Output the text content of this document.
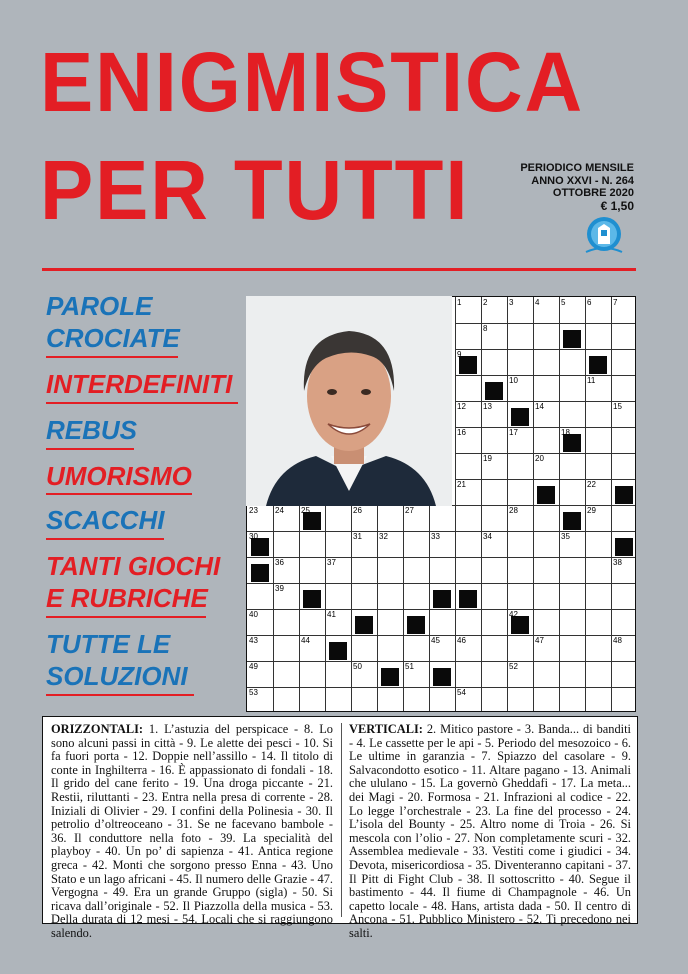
ENIGMISTICA
PER TUTTI	PERIODICO MENSILE
ANNO XXVI - N. 264
OTTOBRE 2020
€ 1,50
PAROLE
CROCIATE
INTERDEFINITI
REBUS
UMORISMO
SCACCHI
TANTI GIOCHI
E RUBRICHE
TUTTE LE
SOLUZIONI
1	2	3	4	5	6	7
8
9
10	11
12 13	14	15
16	17	18
19	20
21	22
23 24 25	26	27	28	29
30	31 32	33	34	35
36	37	38
39
40	41	42
43	44	45 46	47	48
49	50	51	52
53	54
ORIZZONTALI: 1. L’astuzia del perspicace - 8. Lo sono alcuni passi in città - 9. Le alette dei pesci - 10. Si fa fuori porta - 12. Doppie nell’assillo - 14. Il titolo di conte in Inghilterra - 16. È appassionato di fondali - 18. Il grido del cane ferito - 19. Una droga piccante - 21. Restii, riluttanti - 23. Entra nella presa di corrente - 28. Iniziali di Olivier - 29. I confini della Polinesia - 30. Il petrolio d’oltreoceano - 31. Se ne facevano bambole - 36. Il conduttore nella foto - 39. La specialità del playboy - 40. Un po’ di sapienza - 41. Antica regione greca - 42. Monti che sorgono presso Enna - 43. Uno Stato e un lago africani - 45. Il numero delle Grazie - 47. Vergogna - 49. Era un grande Gruppo (sigla) - 50. Si ricava dall’originale - 52. Il Piazzolla della musica - 53. Della durata di 12 mesi - 54. Locali che si raggiungono salendo.
VERTICALI: 2. Mitico pastore - 3. Banda... di banditi - 4. Le cassette per le api - 5. Periodo del mesozoico - 6. Le ultime in garanzia - 7. Spiazzo del casolare - 9. Salvacondotto esotico - 11. Altare pagano - 13. Animali che ululano - 15. La governò Gheddafi - 17. La meta... dei Magi - 20. Formosa - 21. Infrazioni al codice - 22. Lo legge l’orchestrale - 23. La fine del processo - 24. L’isola del Bounty - 25. Altro nome di Troia - 26. Si mescola con l’olio - 27. Non completamente scuri - 32. Assemblea medievale - 33. Vestiti come i giudici - 34. Devota, misericordiosa - 35. Diventeranno capitani - 37. Il Pitt di Fight Club - 38. Il sottoscritto - 40. Segue il bastimento - 44. Il fiume di Champagnole - 46. Un capetto locale - 48. Hans, artista dada - 50. Il centro di Ancona - 51. Pubblico Ministero - 52. Ti precedono nei salti.
